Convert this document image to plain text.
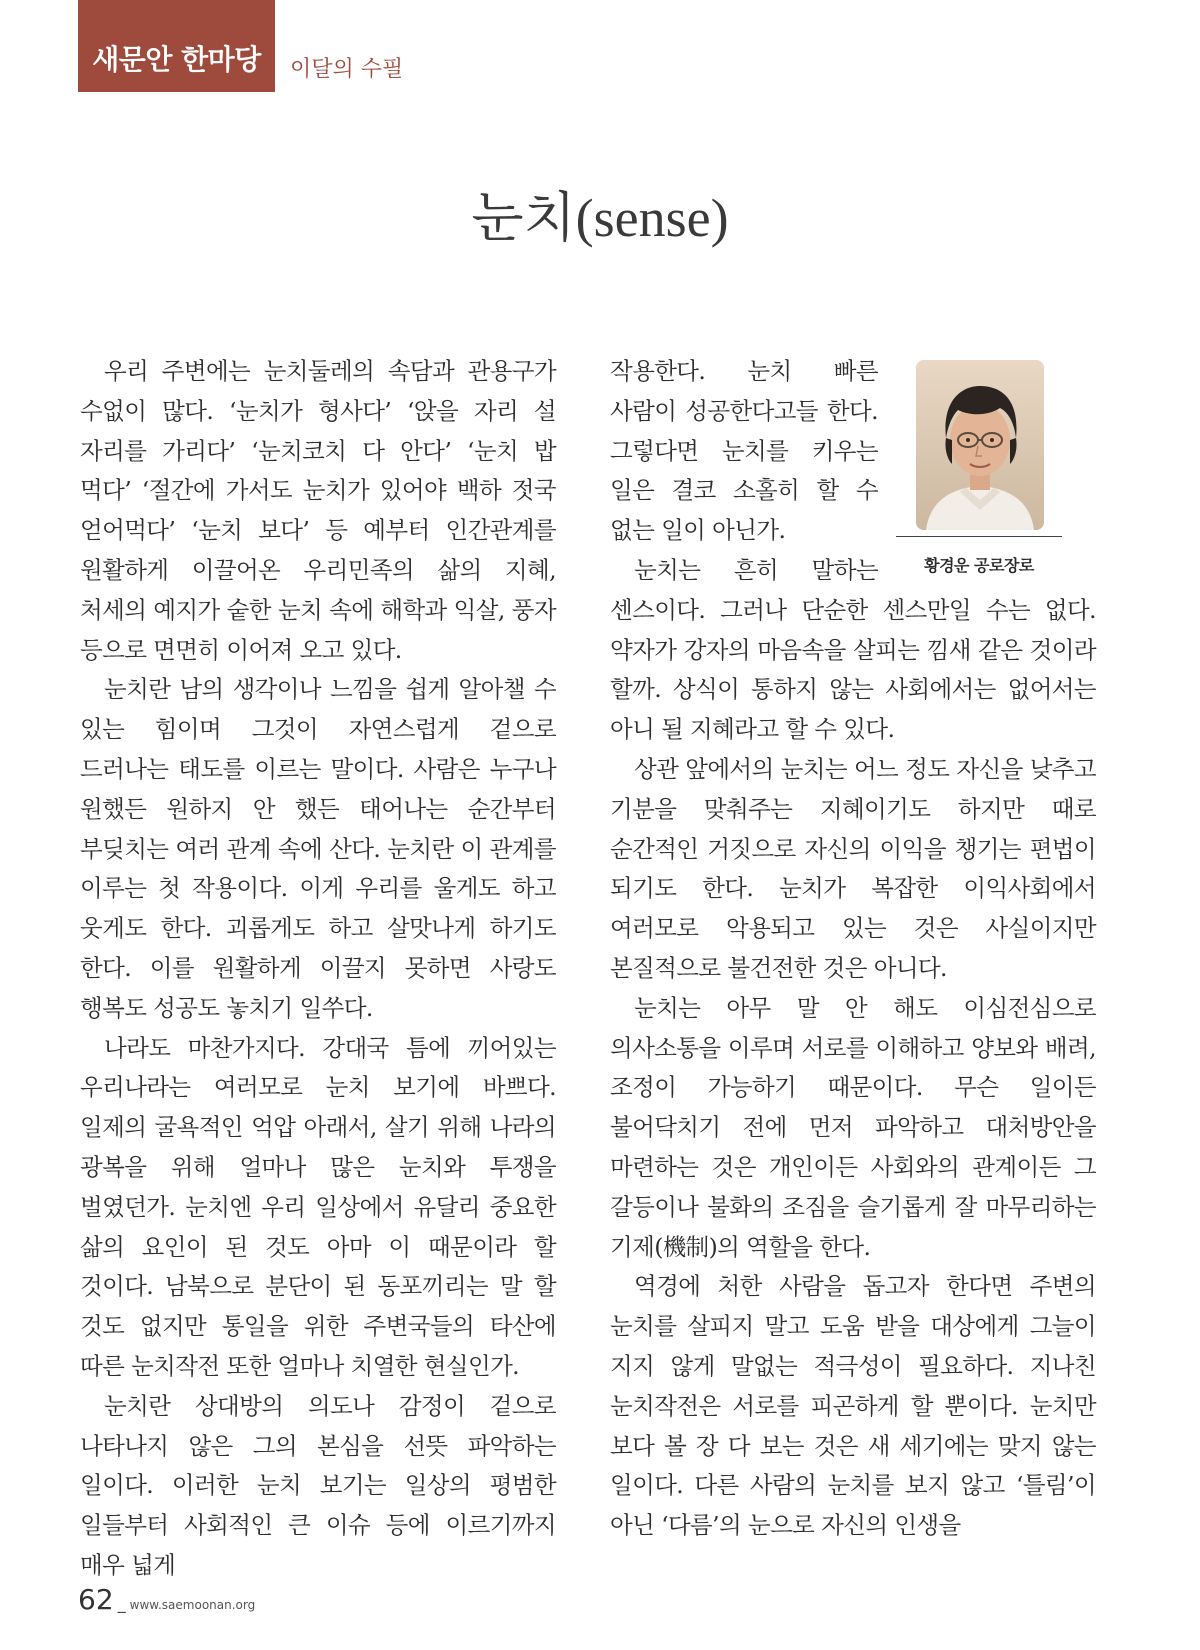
새문안 한마당	이달의 수필
눈치(sense)

우리 주변에는 눈치둘레의 속담과 관용구가 수없이 많다. ‘눈치가 형사다’ ‘앉을 자리 설 자리를 가리다’ ‘눈치코치 다 안다’ ‘눈치 밥 먹다’ ‘절간에 가서도 눈치가 있어야 백하 젓국 얻어먹다’ ‘눈치 보다’ 등 예부터 인간관계를 원활하게 이끌어온 우리민족의 삶의 지혜, 처세의 예지가 숱한 눈치 속에 해학과 익살, 풍자 등으로 면면히 이어져 오고 있다.

눈치란 남의 생각이나 느낌을 쉽게 알아챌 수 있는 힘이며 그것이 자연스럽게 겉으로 드러나는 태도를 이르는 말이다. 사람은 누구나 원했든 원하지 안 했든 태어나는 순간부터 부딪치는 여러 관계 속에 산다. 눈치란 이 관계를 이루는 첫 작용이다. 이게 우리를 울게도 하고 웃게도 한다. 괴롭게도 하고 살맛나게 하기도 한다. 이를 원활하게 이끌지 못하면 사랑도 행복도 성공도 놓치기 일쑤다.

나라도 마찬가지다. 강대국 틈에 끼어있는 우리나라는 여러모로 눈치 보기에 바쁘다. 일제의 굴욕적인 억압 아래서, 살기 위해 나라의 광복을 위해 얼마나 많은 눈치와 투쟁을 벌였던가. 눈치엔 우리 일상에서 유달리 중요한 삶의 요인이 된 것도 아마 이 때문이라 할 것이다. 남북으로 분단이 된 동포끼리는 말 할 것도 없지만 통일을 위한 주변국들의 타산에 따른 눈치작전 또한 얼마나 치열한 현실인가.

눈치란 상대방의 의도나 감정이 겉으로 나타나지 않은 그의 본심을 선뜻 파악하는 일이다. 이러한 눈치 보기는 일상의 평범한 일들부터 사회적인 큰 이슈 등에 이르기까지 매우 넓게

황경운 공로장로

작용한다. 눈치 빠른 사람이 성공한다고들 한다. 그렇다면 눈치를 키우는 일은 결코 소홀히 할 수 없는 일이 아닌가.

눈치는 흔히 말하는 센스이다. 그러나 단순한 센스만일 수는 없다. 약자가 강자의 마음속을 살피는 낌새 같은 것이라 할까. 상식이 통하지 않는 사회에서는 없어서는 아니 될 지혜라고 할 수 있다.

상관 앞에서의 눈치는 어느 정도 자신을 낮추고 기분을 맞춰주는 지혜이기도 하지만 때로 순간적인 거짓으로 자신의 이익을 챙기는 편법이 되기도 한다. 눈치가 복잡한 이익사회에서 여러모로 악용되고 있는 것은 사실이지만 본질적으로 불건전한 것은 아니다.

눈치는 아무 말 안 해도 이심전심으로 의사소통을 이루며 서로를 이해하고 양보와 배려, 조정이 가능하기 때문이다. 무슨 일이든 불어닥치기 전에 먼저 파악하고 대처방안을 마련하는 것은 개인이든 사회와의 관계이든 그 갈등이나 불화의 조짐을 슬기롭게 잘 마무리하는 기제(機制)의 역할을 한다.

역경에 처한 사람을 돕고자 한다면 주변의 눈치를 살피지 말고 도움 받을 대상에게 그늘이 지지 않게 말없는 적극성이 필요하다. 지나친 눈치작전은 서로를 피곤하게 할 뿐이다. 눈치만 보다 볼 장 다 보는 것은 새 세기에는 맞지 않는 일이다. 다른 사람의 눈치를 보지 않고 ‘틀림’이 아닌 ‘다름’의 눈으로 자신의 인생을

62 _ www.saemoonan.org
